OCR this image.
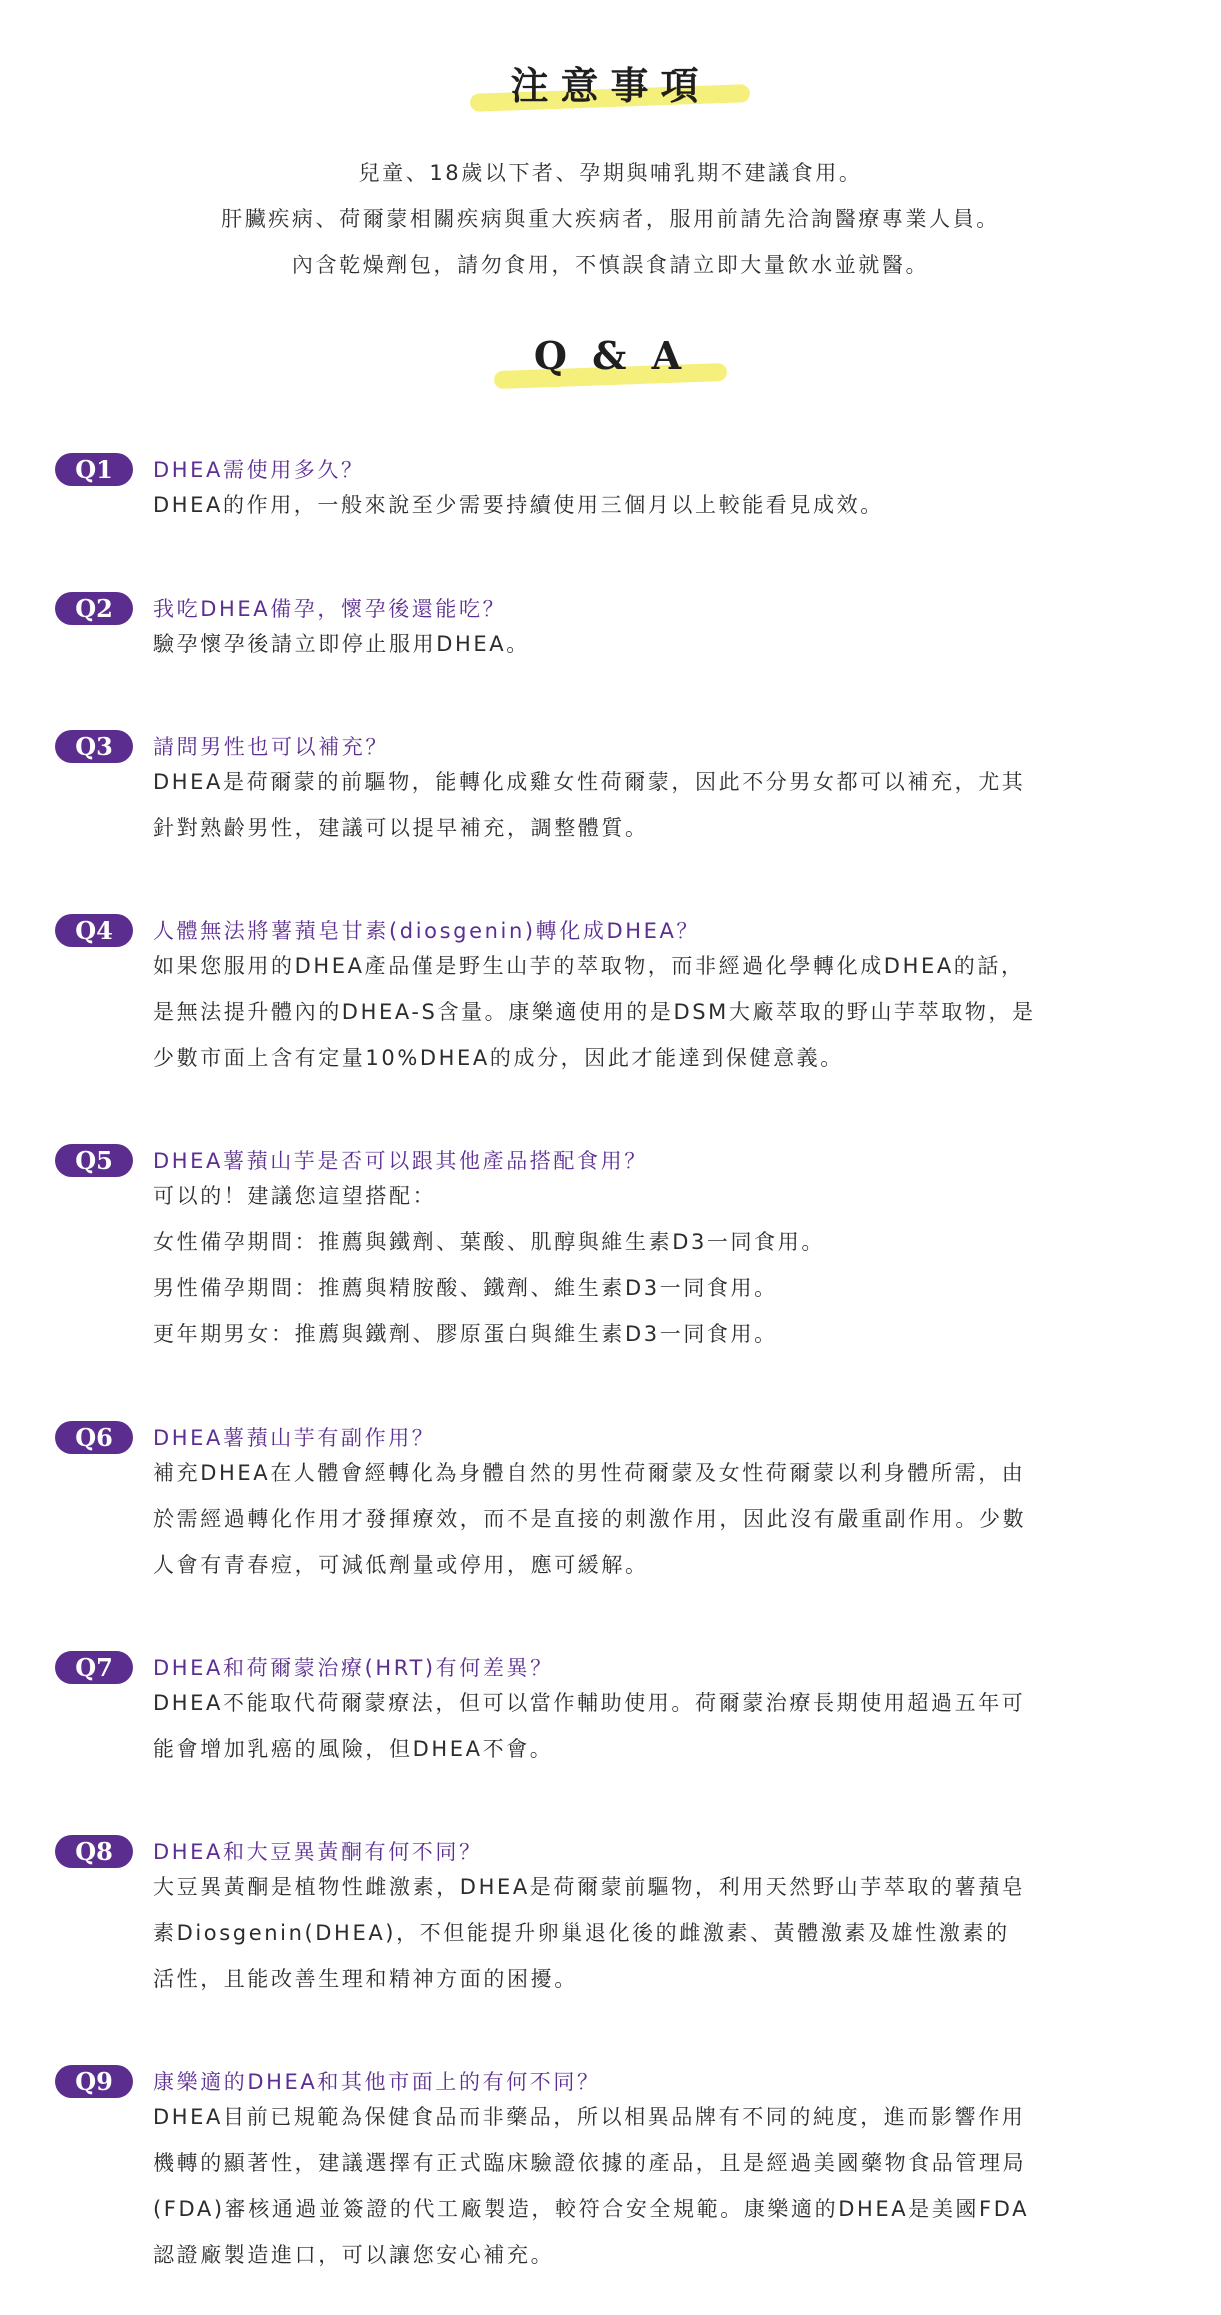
注意事項

兒童、18歲以下者、孕期與哺乳期不建議食用。

肝臟疾病、荷爾蒙相關疾病與重大疾病者，服用前請先洽詢醫療專業人員。

內含乾燥劑包，請勿食用，不慎誤食請立即大量飲水並就醫。

Q & A
Q1	DHEA需使用多久？
DHEA的作用，一般來說至少需要持續使用三個月以上較能看見成效。
Q2	我吃DHEA備孕，懷孕後還能吃？
驗孕懷孕後請立即停止服用DHEA。
Q3	請問男性也可以補充？
DHEA是荷爾蒙的前驅物，能轉化成雞女性荷爾蒙，因此不分男女都可以補充，尤其
針對熟齡男性，建議可以提早補充，調整體質。
Q4	人體無法將薯蕷皂甘素(diosgenin)轉化成DHEA？
如果您服用的DHEA產品僅是野生山芋的萃取物，而非經過化學轉化成DHEA的話，
是無法提升體內的DHEA-S含量。康樂適使用的是DSM大廠萃取的野山芋萃取物，是
少數市面上含有定量10%DHEA的成分，因此才能達到保健意義。
Q5	DHEA薯蕷山芋是否可以跟其他產品搭配食用？
可以的！建議您這望搭配：
女性備孕期間：推薦與鐵劑、葉酸、肌醇與維生素D3一同食用。
男性備孕期間：推薦與精胺酸、鐵劑、維生素D3一同食用。
更年期男女：推薦與鐵劑、膠原蛋白與維生素D3一同食用。
Q6	DHEA薯蕷山芋有副作用？
補充DHEA在人體會經轉化為身體自然的男性荷爾蒙及女性荷爾蒙以利身體所需，由
於需經過轉化作用才發揮療效，而不是直接的刺激作用，因此沒有嚴重副作用。少數
人會有青春痘，可減低劑量或停用，應可緩解。
Q7	DHEA和荷爾蒙治療(HRT)有何差異？
DHEA不能取代荷爾蒙療法，但可以當作輔助使用。荷爾蒙治療長期使用超過五年可
能會增加乳癌的風險，但DHEA不會。
Q8	DHEA和大豆異黃酮有何不同？
大豆異黃酮是植物性雌激素，DHEA是荷爾蒙前驅物，利用天然野山芋萃取的薯蕷皂
素Diosgenin(DHEA)，不但能提升卵巢退化後的雌激素、黃體激素及雄性激素的
活性，且能改善生理和精神方面的困擾。
Q9	康樂適的DHEA和其他市面上的有何不同？
DHEA目前已規範為保健食品而非藥品，所以相異品牌有不同的純度，進而影響作用
機轉的顯著性，建議選擇有正式臨床驗證依據的產品，且是經過美國藥物食品管理局
(FDA)審核通過並簽證的代工廠製造，較符合安全規範。康樂適的DHEA是美國FDA
認證廠製造進口，可以讓您安心補充。
